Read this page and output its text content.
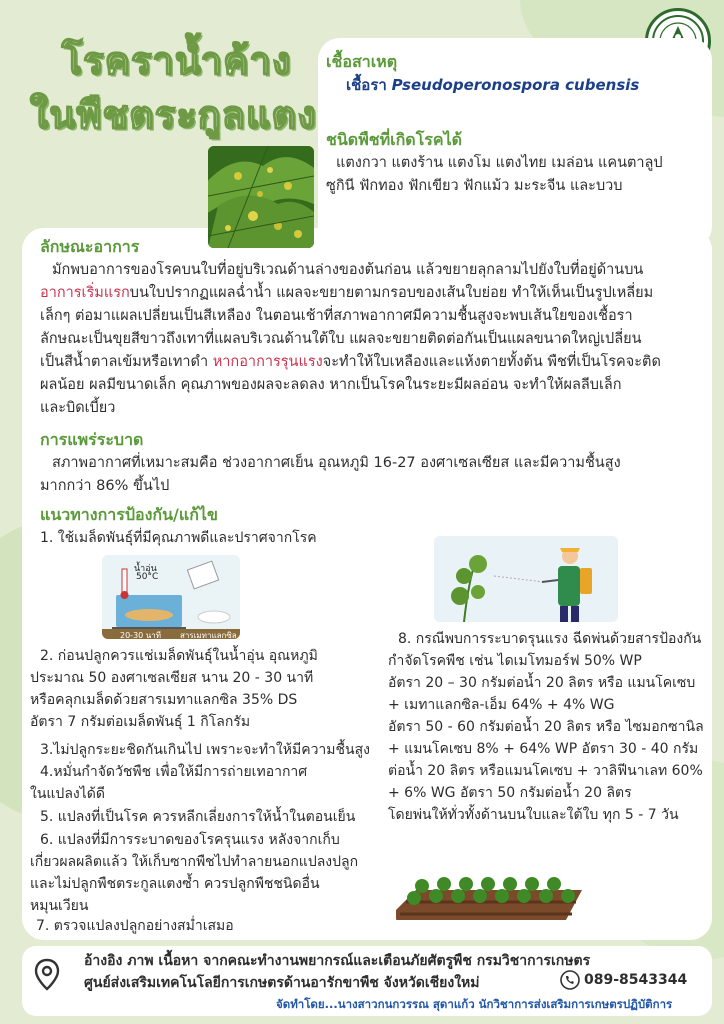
โรคราน้ำค้าง
ในพืชตระกูลแตง
เชื้อสาเหตุ
เชื้อรา Pseudoperonospora cubensis
ชนิดพืชที่เกิดโรคได้
แตงกวา แตงร้าน แตงโม แตงไทย เมล่อน แคนตาลูป
ซูกินี ฟักทอง ฟักเขียว ฟักแม้ว มะระจีน และบวบ
ลักษณะอาการ
มักพบอาการของโรคบนใบที่อยู่บริเวณด้านล่างของต้นก่อน แล้วขยายลุกลามไปยังใบที่อยู่ด้านบน
อาการเริ่มแรกบนใบปรากฏแผลฉ่ำน้ำ แผลจะขยายตามกรอบของเส้นใบย่อย ทำให้เห็นเป็นรูปเหลี่ยม
เล็กๆ ต่อมาแผลเปลี่ยนเป็นสีเหลือง ในตอนเช้าที่สภาพอากาศมีความชื้นสูงจะพบเส้นใยของเชื้อรา
ลักษณะเป็นขุยสีขาวถึงเทาที่แผลบริเวณด้านใต้ใบ แผลจะขยายติดต่อกันเป็นแผลขนาดใหญ่เปลี่ยน
เป็นสีน้ำตาลเข้มหรือเทาดำ หากอาการรุนแรงจะทำให้ใบเหลืองและแห้งตายทั้งต้น พืชที่เป็นโรคจะติด
ผลน้อย ผลมีขนาดเล็ก คุณภาพของผลจะลดลง หากเป็นโรคในระยะมีผลอ่อน จะทำให้ผลลีบเล็ก
และบิดเบี้ยว
การแพร่ระบาด
สภาพอากาศที่เหมาะสมคือ ช่วงอากาศเย็น อุณหภูมิ 16-27 องศาเซลเซียส และมีความชื้นสูง
มากกว่า 86% ขึ้นไป
แนวทางการป้องกัน/แก้ไข
1. ใช้เมล็ดพันธุ์ที่มีคุณภาพดีและปราศจากโรค
น้ำอุ่น
50°C
20-30 นาที สารเมทาแลกซิล
2. ก่อนปลูกควรแช่เมล็ดพันธุ์ในน้ำอุ่น อุณหภูมิ
ประมาณ 50 องศาเซลเซียส นาน 20 - 30 นาที
หรือคลุกเมล็ดด้วยสารเมทาแลกซิล 35% DS
อัตรา 7 กรัมต่อเมล็ดพันธุ์ 1 กิโลกรัม
3.ไม่ปลูกระยะชิดกันเกินไป เพราะจะทำให้มีความชื้นสูง
4.หมั่นกำจัดวัชพืช เพื่อให้มีการถ่ายเทอากาศ
ในแปลงได้ดี
5. แปลงที่เป็นโรค ควรหลีกเลี่ยงการให้น้ำในตอนเย็น
6. แปลงที่มีการระบาดของโรครุนแรง หลังจากเก็บ
เกี่ยวผลผลิตแล้ว ให้เก็บซากพืชไปทำลายนอกแปลงปลูก
และไม่ปลูกพืชตระกูลแตงซ้ำ ควรปลูกพืชชนิดอื่น
หมุนเวียน
7. ตรวจแปลงปลูกอย่างสม่ำเสมอ
8. กรณีพบการระบาดรุนแรง ฉีดพ่นด้วยสารป้องกัน
กำจัดโรคพืช เช่น ไดเมโทมอร์ฟ 50% WP
อัตรา 20 – 30 กรัมต่อน้ำ 20 ลิตร หรือ แมนโคเซบ
+ เมทาแลกซิล-เอ็ม 64% + 4% WG
อัตรา 50 - 60 กรัมต่อน้ำ 20 ลิตร หรือ ไซมอกซานิล
+ แมนโคเซบ 8% + 64% WP อัตรา 30 - 40 กรัม
ต่อน้ำ 20 ลิตร หรือแมนโคเซบ + วาลิฟีนาเลท 60%
+ 6% WG อัตรา 50 กรัมต่อน้ำ 20 ลิตร
โดยพ่นให้ทั่วทั้งด้านบนใบและใต้ใบ ทุก 5 - 7 วัน
อ้างอิง ภาพ เนื้อหา จากคณะทำงานพยากรณ์และเตือนภัยศัตรูพืช กรมวิชาการเกษตร
ศูนย์ส่งเสริมเทคโนโลยีการเกษตรด้านอารักขาพืช จังหวัดเชียงใหม่	089-8543344
จัดทำโดย...นางสาวกนกวรรณ สุดาแก้ว นักวิชาการส่งเสริมการเกษตรปฏิบัติการ
